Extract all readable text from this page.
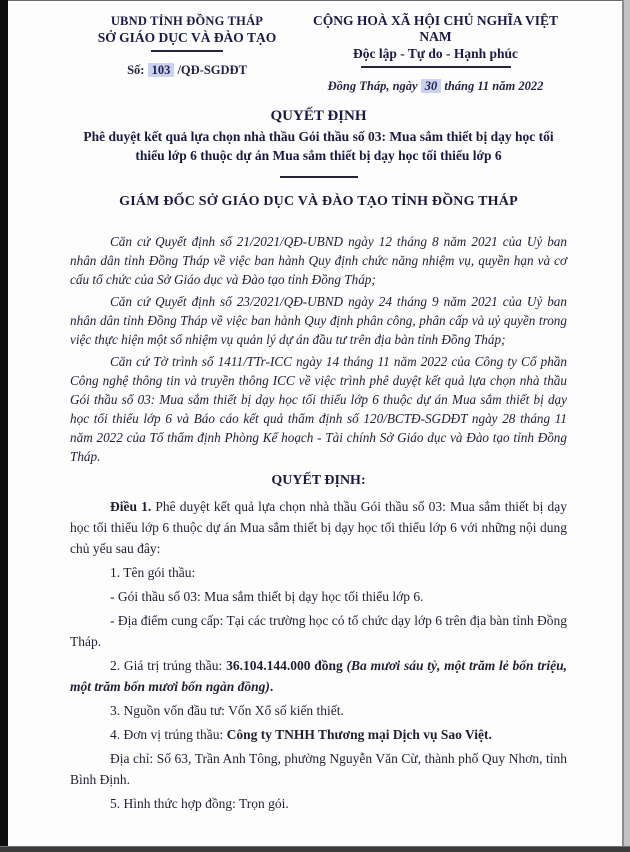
UBND TỈNH ĐỒNG THÁP
SỞ GIÁO DỤC VÀ ĐÀO TẠO
Số: 103 /QĐ-SGDĐT
CỘNG HOÀ XÃ HỘI CHỦ NGHĨA VIỆT NAM
Độc lập - Tự do - Hạnh phúc
Đồng Tháp, ngày 30 tháng 11 năm 2022
QUYẾT ĐỊNH
Phê duyệt kết quả lựa chọn nhà thầu Gói thầu số 03: Mua sắm thiết bị dạy học tối thiểu lớp 6 thuộc dự án Mua sắm thiết bị dạy học tối thiểu lớp 6
GIÁM ĐỐC SỞ GIÁO DỤC VÀ ĐÀO TẠO TỈNH ĐỒNG THÁP

Căn cứ Quyết định số 21/2021/QĐ-UBND ngày 12 tháng 8 năm 2021 của Uỷ ban nhân dân tỉnh Đồng Tháp về việc ban hành Quy định chức năng nhiệm vụ, quyền hạn và cơ cấu tổ chức của Sở Giáo dục và Đào tạo tỉnh Đồng Tháp;

Căn cứ Quyết định số 23/2021/QĐ-UBND ngày 24 tháng 9 năm 2021 của Uỷ ban nhân dân tỉnh Đồng Tháp về việc ban hành Quy định phân công, phân cấp và uỷ quyền trong việc thực hiện một số nhiệm vụ quản lý dự án đầu tư trên địa bàn tỉnh Đồng Tháp;

Căn cứ Tờ trình số 1411/TTr-ICC ngày 14 tháng 11 năm 2022 của Công ty Cổ phần Công nghệ thông tin và truyền thông ICC về việc trình phê duyệt kết quả lựa chọn nhà thầu Gói thầu số 03: Mua sắm thiết bị dạy học tối thiểu lớp 6 thuộc dự án Mua sắm thiết bị dạy học tối thiểu lớp 6 và Báo cáo kết quả thẩm định số 120/BCTĐ-SGDĐT ngày 28 tháng 11 năm 2022 của Tổ thẩm định Phòng Kế hoạch - Tài chính Sở Giáo dục và Đào tạo tỉnh Đồng Tháp.

QUYẾT ĐỊNH:

Điều 1. Phê duyệt kết quả lựa chọn nhà thầu Gói thầu số 03: Mua sắm thiết bị dạy học tối thiểu lớp 6 thuộc dự án Mua sắm thiết bị dạy học tối thiểu lớp 6 với những nội dung chủ yếu sau đây:

1. Tên gói thầu:

- Gói thầu số 03: Mua sắm thiết bị dạy học tối thiểu lớp 6.

- Địa điểm cung cấp: Tại các trường học có tổ chức dạy lớp 6 trên địa bàn tỉnh Đồng Tháp.

2. Giá trị trúng thầu: 36.104.144.000 đồng (Ba mươi sáu tỷ, một trăm lẻ bốn triệu, một trăm bốn mươi bốn ngàn đồng).

3. Nguồn vốn đầu tư: Vốn Xổ số kiến thiết.

4. Đơn vị trúng thầu: Công ty TNHH Thương mại Dịch vụ Sao Việt.

Địa chỉ: Số 63, Trần Anh Tông, phường Nguyễn Văn Cừ, thành phố Quy Nhơn, tỉnh Bình Định.

5. Hình thức hợp đồng: Trọn gói.
